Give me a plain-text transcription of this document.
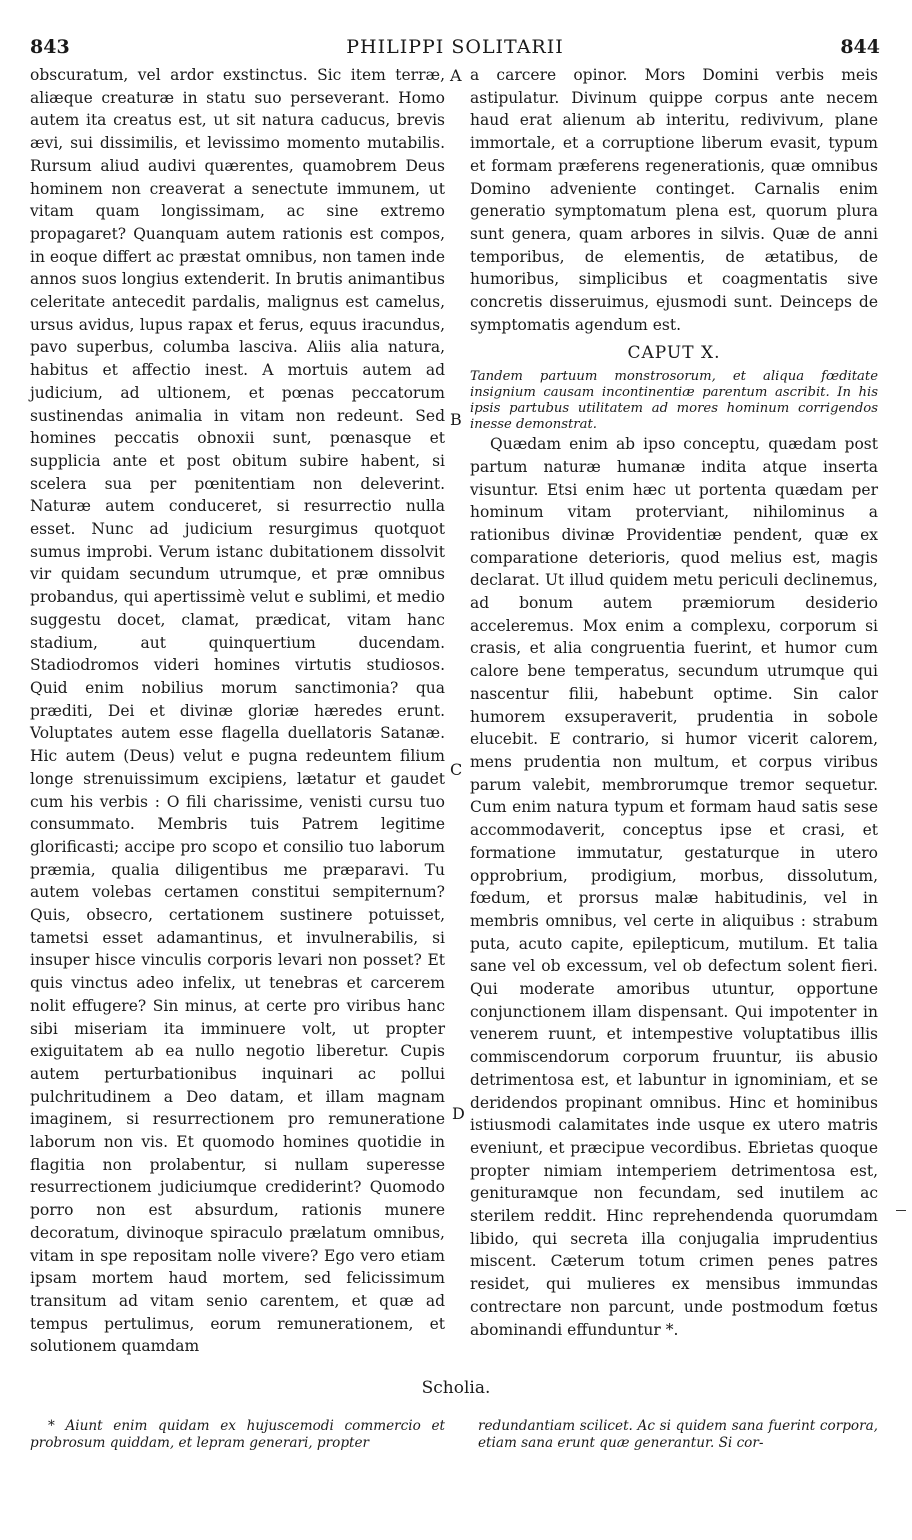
843	PHILIPPI SOLITARII	844

obscuratum, vel ardor exstinctus. Sic item terræ, aliæque creaturæ in statu suo perseverant. Homo autem ita creatus est, ut sit natura caducus, brevis ævi, sui dissimilis, et levissimo momento mutabilis. Rursum aliud audivi quærentes, quamobrem Deus hominem non creaverat a senectute immunem, ut vitam quam longissimam, ac sine extremo propagaret? Quanquam autem rationis est compos, in eoque differt ac præstat omnibus, non tamen inde annos suos longius extenderit. In brutis animantibus celeritate antecedit pardalis, malignus est camelus, ursus avidus, lupus rapax et ferus, equus iracundus, pavo superbus, columba lasciva. Aliis alia natura, habitus et affectio inest. A mortuis autem ad judicium, ad ultionem, et pœnas peccatorum sustinendas animalia in vitam non redeunt. Sed homines peccatis obnoxii sunt, pœnasque et supplicia ante et post obitum subire habent, si scelera sua per pœnitentiam non deleverint. Naturæ autem conduceret, si resurrectio nulla esset. Nunc ad judicium resurgimus quotquot sumus improbi. Verum istanc dubitationem dissolvit vir quidam secundum utrumque, et præ omnibus probandus, qui apertissimè velut e sublimi, et medio suggestu docet, clamat, prædicat, vitam hanc stadium, aut quinquertium ducendam. Stadiodromos videri homines virtutis studiosos. Quid enim nobilius morum sanctimonia? qua præditi, Dei et divinæ gloriæ hæredes erunt. Voluptates autem esse flagella duellatoris Satanæ. Hic autem (Deus) velut e pugna redeuntem filium longe strenuissimum excipiens, lætatur et gaudet cum his verbis : O fili charissime, venisti cursu tuo consummato. Membris tuis Patrem legitime glorificasti; accipe pro scopo et consilio tuo laborum præmia, qualia diligentibus me præparavi. Tu autem volebas certamen constitui sempiternum? Quis, obsecro, certationem sustinere potuisset, tametsi esset adamantinus, et invulnerabilis, si insuper hisce vinculis corporis levari non posset? Et quis vinctus adeo infelix, ut tenebras et carcerem nolit effugere? Sin minus, at certe pro viribus hanc sibi miseriam ita imminuere volt, ut propter exiguitatem ab ea nullo negotio liberetur. Cupis autem perturbationibus inquinari ac pollui pulchritudinem a Deo datam, et illam magnam imaginem, si resurrectionem pro remuneratione laborum non vis. Et quomodo homines quotidie in flagitia non prolabentur, si nullam superesse resurrectionem judiciumque crediderint? Quomodo porro non est absurdum, rationis munere decoratum, divinoque spiraculo prælatum omnibus, vitam in spe repositam nolle vivere? Ego vero etiam ipsam mortem haud mortem, sed felicissimum transitum ad vitam senio carentem, et quæ ad tempus pertulimus, eorum remunerationem, et solutionem quamdam

A
B
C
D

a carcere opinor. Mors Domini verbis meis astipulatur. Divinum quippe corpus ante necem haud erat alienum ab interitu, redivivum, plane immortale, et a corruptione liberum evasit, typum et formam præferens regenerationis, quæ omnibus Domino adveniente continget. Carnalis enim generatio symptomatum plena est, quorum plura sunt genera, quam arbores in silvis. Quæ de anni temporibus, de elementis, de ætatibus, de humoribus, simplicibus et coagmentatis sive concretis disseruimus, ejusmodi sunt. Deinceps de symptomatis agendum est.

CAPUT X.

Tandem partuum monstrosorum, et aliqua fœditate insignium causam incontinentiæ parentum ascribit. In his ipsis partubus utilitatem ad mores hominum corrigendos inesse demonstrat.

Quædam enim ab ipso conceptu, quædam post partum naturæ humanæ indita atque inserta visuntur. Etsi enim hæc ut portenta quædam per hominum vitam proterviant, nihilominus a rationibus divinæ Providentiæ pendent, quæ ex comparatione deterioris, quod melius est, magis declarat. Ut illud quidem metu periculi declinemus, ad bonum autem præmiorum desiderio acceleremus. Mox enim a complexu, corporum si crasis, et alia congruentia fuerint, et humor cum calore bene temperatus, secundum utrumque qui nascentur filii, habebunt optime. Sin calor humorem exsuperaverit, prudentia in sobole elucebit. E contrario, si humor vicerit calorem, mens prudentia non multum, et corpus viribus parum valebit, membrorumque tremor sequetur. Cum enim natura typum et formam haud satis sese accommodaverit, conceptus ipse et crasi, et formatione immutatur, gestaturque in utero opprobrium, prodigium, morbus, dissolutum, fœdum, et prorsus malæ habitudinis, vel in membris omnibus, vel certe in aliquibus : strabum puta, acuto capite, epilepticum, mutilum. Et talia sane vel ob excessum, vel ob defectum solent fieri. Qui moderate amoribus utuntur, opportune conjunctionem illam dispensant. Qui impotenter in venerem ruunt, et intempestive voluptatibus illis commiscendorum corporum fruuntur, iis abusio detrimentosa est, et labuntur in ignominiam, et se deridendos propinant omnibus. Hinc et hominibus istiusmodi calamitates inde usque ex utero matris eveniunt, et præcipue vecordibus. Ebrietas quoque propter nimiam intemperiem detrimentosa est, geniturамque non fecundam, sed inutilem ac sterilem reddit. Hinc reprehendenda quorumdam libido, qui secreta illa conjugalia imprudentius miscent. Cæterum totum crimen penes patres residet, qui mulieres ex mensibus immundas contrectare non parcunt, unde postmodum fœtus abominandi effunduntur *.

Scholia.

* Aiunt enim quidam ex hujuscemodi commercio et probrosum quiddam, et lepram generari, propter

redundantiam scilicet. Ac si quidem sana fuerint corpora, etiam sana erunt quæ generantur. Si cor-
